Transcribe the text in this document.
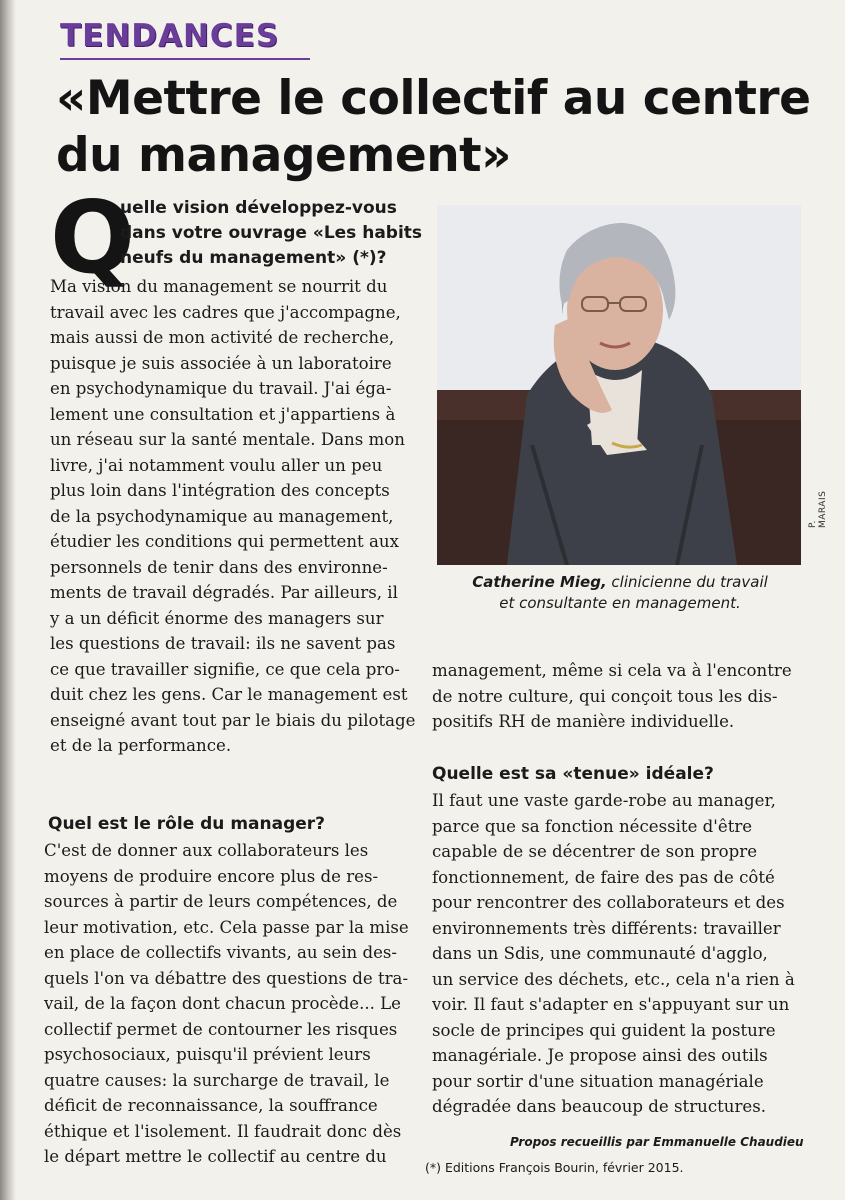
TENDANCES
«Mettre le collectif au centre
du management»
Q
uelle vision développez-vous
dans votre ouvrage «Les habits
neufs du management» (*)?
Ma vision du management se nourrit du
travail avec les cadres que j'accompagne,
mais aussi de mon activité de recherche,
puisque je suis associée à un laboratoire
en psychodynamique du travail. J'ai éga-
lement une consultation et j'appartiens à
un réseau sur la santé mentale. Dans mon
livre, j'ai notamment voulu aller un peu
plus loin dans l'intégration des concepts
de la psychodynamique au management,
étudier les conditions qui permettent aux
personnels de tenir dans des environne-
ments de travail dégradés. Par ailleurs, il
y a un déficit énorme des managers sur
les questions de travail: ils ne savent pas
ce que travailler signifie, ce que cela pro-
duit chez les gens. Car le management est
enseigné avant tout par le biais du pilotage
et de la performance.
Quel est le rôle du manager?
C'est de donner aux collaborateurs les
moyens de produire encore plus de res-
sources à partir de leurs compétences, de
leur motivation, etc. Cela passe par la mise
en place de collectifs vivants, au sein des-
quels l'on va débattre des questions de tra-
vail, de la façon dont chacun procède... Le
collectif permet de contourner les risques
psychosociaux, puisqu'il prévient leurs
quatre causes: la surcharge de travail, le
déficit de reconnaissance, la souffrance
éthique et l'isolement. Il faudrait donc dès
le départ mettre le collectif au centre du
P. MARAIS
Catherine Mieg, clinicienne du travail
et consultante en management.
management, même si cela va à l'encontre
de notre culture, qui conçoit tous les dis-
positifs RH de manière individuelle.
Quelle est sa «tenue» idéale?
Il faut une vaste garde-robe au manager,
parce que sa fonction nécessite d'être
capable de se décentrer de son propre
fonctionnement, de faire des pas de côté
pour rencontrer des collaborateurs et des
environnements très différents: travailler
dans un Sdis, une communauté d'agglo,
un service des déchets, etc., cela n'a rien à
voir. Il faut s'adapter en s'appuyant sur un
socle de principes qui guident la posture
managériale. Je propose ainsi des outils
pour sortir d'une situation managériale
dégradée dans beaucoup de structures.
Propos recueillis par Emmanuelle Chaudieu
(*) Editions François Bourin, février 2015.
